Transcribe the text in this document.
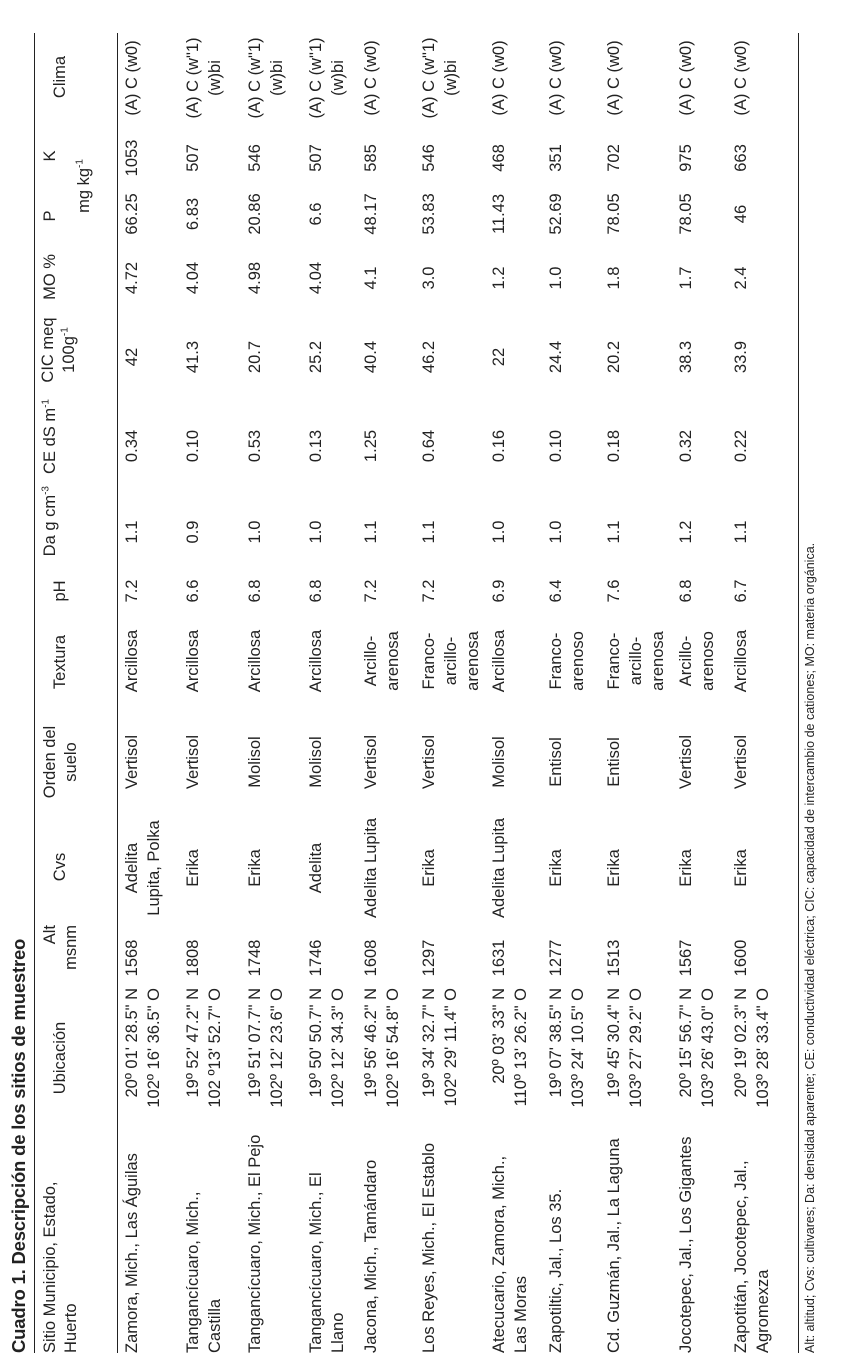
Cuadro 1. Descripción de los sitios de muestreo Sitio Municipio, Estado, Huerto
Ubicación
Alt msnm
Cvs
Orden del suelo
Textura
pH
Da g $cm^{-3}$
CE dS $m^{-1}$
CIC meq $100g^{-1}$
MO %
P
K
mg $kg^{-1}$
Clima
Zamora, Mich., Las Águilas
20º 01' 28.5" N 102º 16' 36.5" O
1568
Adelita Lupita, Polka
Vertisol
Arcillosa
7.2
1.1
0.34
42
4.72
66.25
1053
(A) C (w0)
Tangancícuaro, Mich., Castilla
19º 52' 47.2" N 102 º13' 52.7" O
1808
Erika
Vertisol
Arcillosa
6.6
0.9
0.10
41.3
4.04
6.83
507
(A) C (w"1) (w)bi
Tangancícuaro, Mich., El Pejo
19º 51' 07.7" N 102º 12' 23.6" O
1748
Erika
Molisol
Arcillosa
6.8
1.0
0.53
20.7
4.98
20.86
546
(A) C (w"1) (w)bi
Tangancícuaro, Mich., El Llano
19º 50' 50.7" N 102º 12' 34.3" O
1746
Adelita
Molisol
Arcillosa
6.8
1.0
0.13
25.2
4.04
6.6
507
(A) C (w"1) (w)bi
Jacona, Mich., Tamándaro
19º 56' 46.2" N 102º 16' 54.8" O
1608
Adelita Lupita
Vertisol
Arcillo-arenosa
7.2
1.1
1.25
40.4
4.1
48.17
585
(A) C (w0)
Los Reyes, Mich., El Establo
19º 34' 32.7" N 102º 29' 11.4" O
1297
Erika
Vertisol
Franco-arcillo-arenosa
7.2
1.1
0.64
46.2
3.0
53.83
546
(A) C (w"1) (w)bi
Atecucario, Zamora, Mich., Las Moras
20º 03' 33" N 110º 13' 26.2" O
1631
Adelita Lupita
Molisol
Arcillosa
6.9
1.0
0.16
22
1.2
11.43
468
(A) C (w0)
Zapotiltic, Jal., Los 35.
19º 07' 38.5" N 103º 24' 10.5" O
1277
Erika
Entisol
Franco-arenoso
6.4
1.0
0.10
24.4
1.0
52.69
351
(A) C (w0)
Cd. Guzmán, Jal., La Laguna
19º 45' 30.4" N 103º 27' 29.2" O
1513
Erika
Entisol
Franco-arcillo-arenosa
7.6
1.1
0.18
20.2
1.8
78.05
702
(A) C (w0)
Jocotepec, Jal., Los Gigantes
20º 15' 56.7" N 103º 26' 43.0" O
1567
Erika
Vertisol
Arcillo-arenoso
6.8
1.2
0.32
38.3
1.7
78.05
975
(A) C (w0)
Zapotitán, Jocotepec, Jal., Agromexza
20º 19' 02.3" N 103º 28' 33.4" O
1600
Erika
Vertisol
Arcillosa
6.7
1.1
0.22
33.9
2.4
46
663
(A) C (w0)
Alt: altitud; Cvs: cultivares; Da: densidad aparente; CE: conductividad eléctrica; CIC: capacidad de intercambio de cationes; MO: materia orgánica.
